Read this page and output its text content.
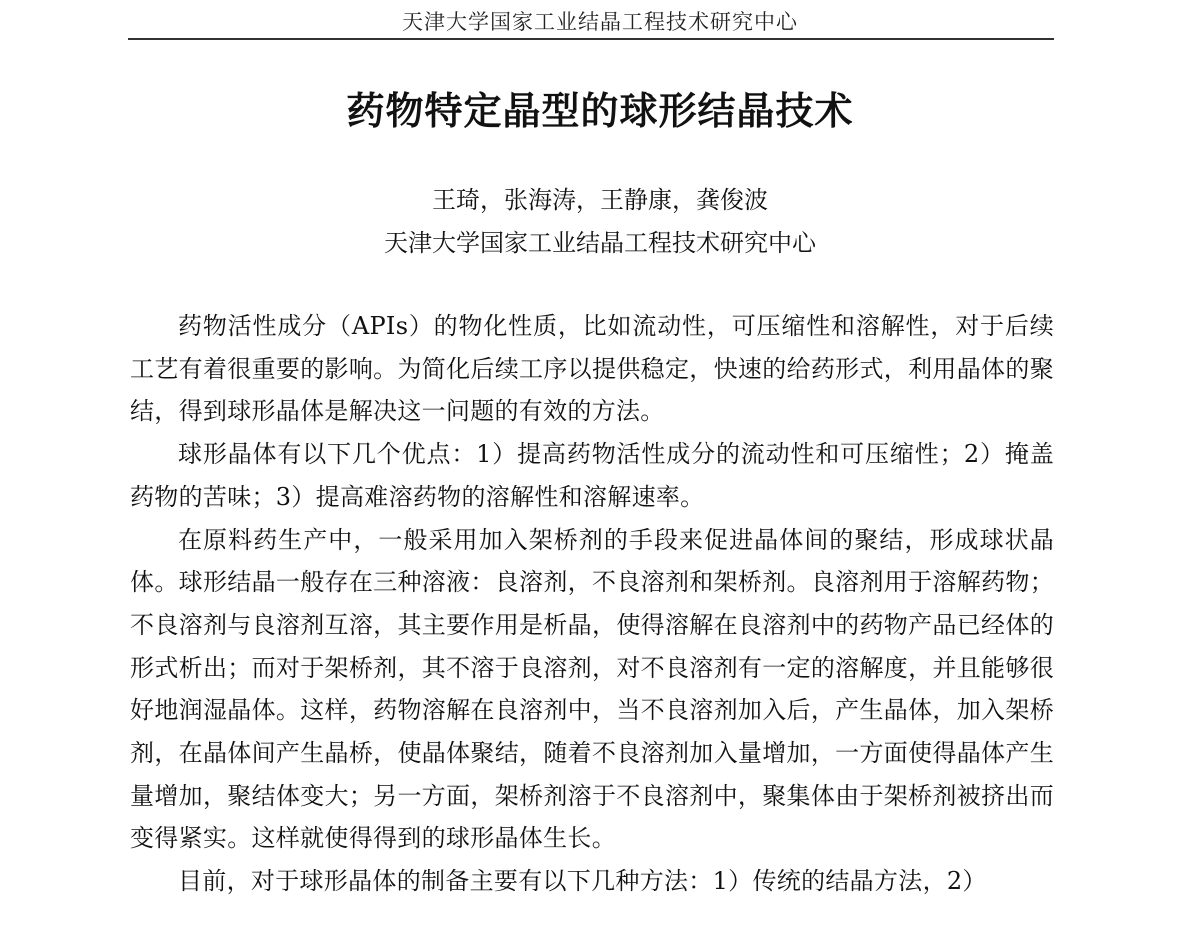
天津大学国家工业结晶工程技术研究中心
药物特定晶型的球形结晶技术
王琦，张海涛，王静康，龚俊波
天津大学国家工业结晶工程技术研究中心

药物活性成分（APIs）的物化性质，比如流动性，可压缩性和溶解性，对于后续工艺有着很重要的影响。为简化后续工序以提供稳定，快速的给药形式，利用晶体的聚结，得到球形晶体是解决这一问题的有效的方法。

球形晶体有以下几个优点：1）提高药物活性成分的流动性和可压缩性；2）掩盖药物的苦味；3）提高难溶药物的溶解性和溶解速率。

在原料药生产中，一般采用加入架桥剂的手段来促进晶体间的聚结，形成球状晶体。球形结晶一般存在三种溶液：良溶剂，不良溶剂和架桥剂。良溶剂用于溶解药物；不良溶剂与良溶剂互溶，其主要作用是析晶，使得溶解在良溶剂中的药物产品已经体的形式析出；而对于架桥剂，其不溶于良溶剂，对不良溶剂有一定的溶解度，并且能够很好地润湿晶体。这样，药物溶解在良溶剂中，当不良溶剂加入后，产生晶体，加入架桥剂，在晶体间产生晶桥，使晶体聚结，随着不良溶剂加入量增加，一方面使得晶体产生量增加，聚结体变大；另一方面，架桥剂溶于不良溶剂中，聚集体由于架桥剂被挤出而变得紧实。这样就使得得到的球形晶体生长。

目前，对于球形晶体的制备主要有以下几种方法：1）传统的结晶方法，2）
